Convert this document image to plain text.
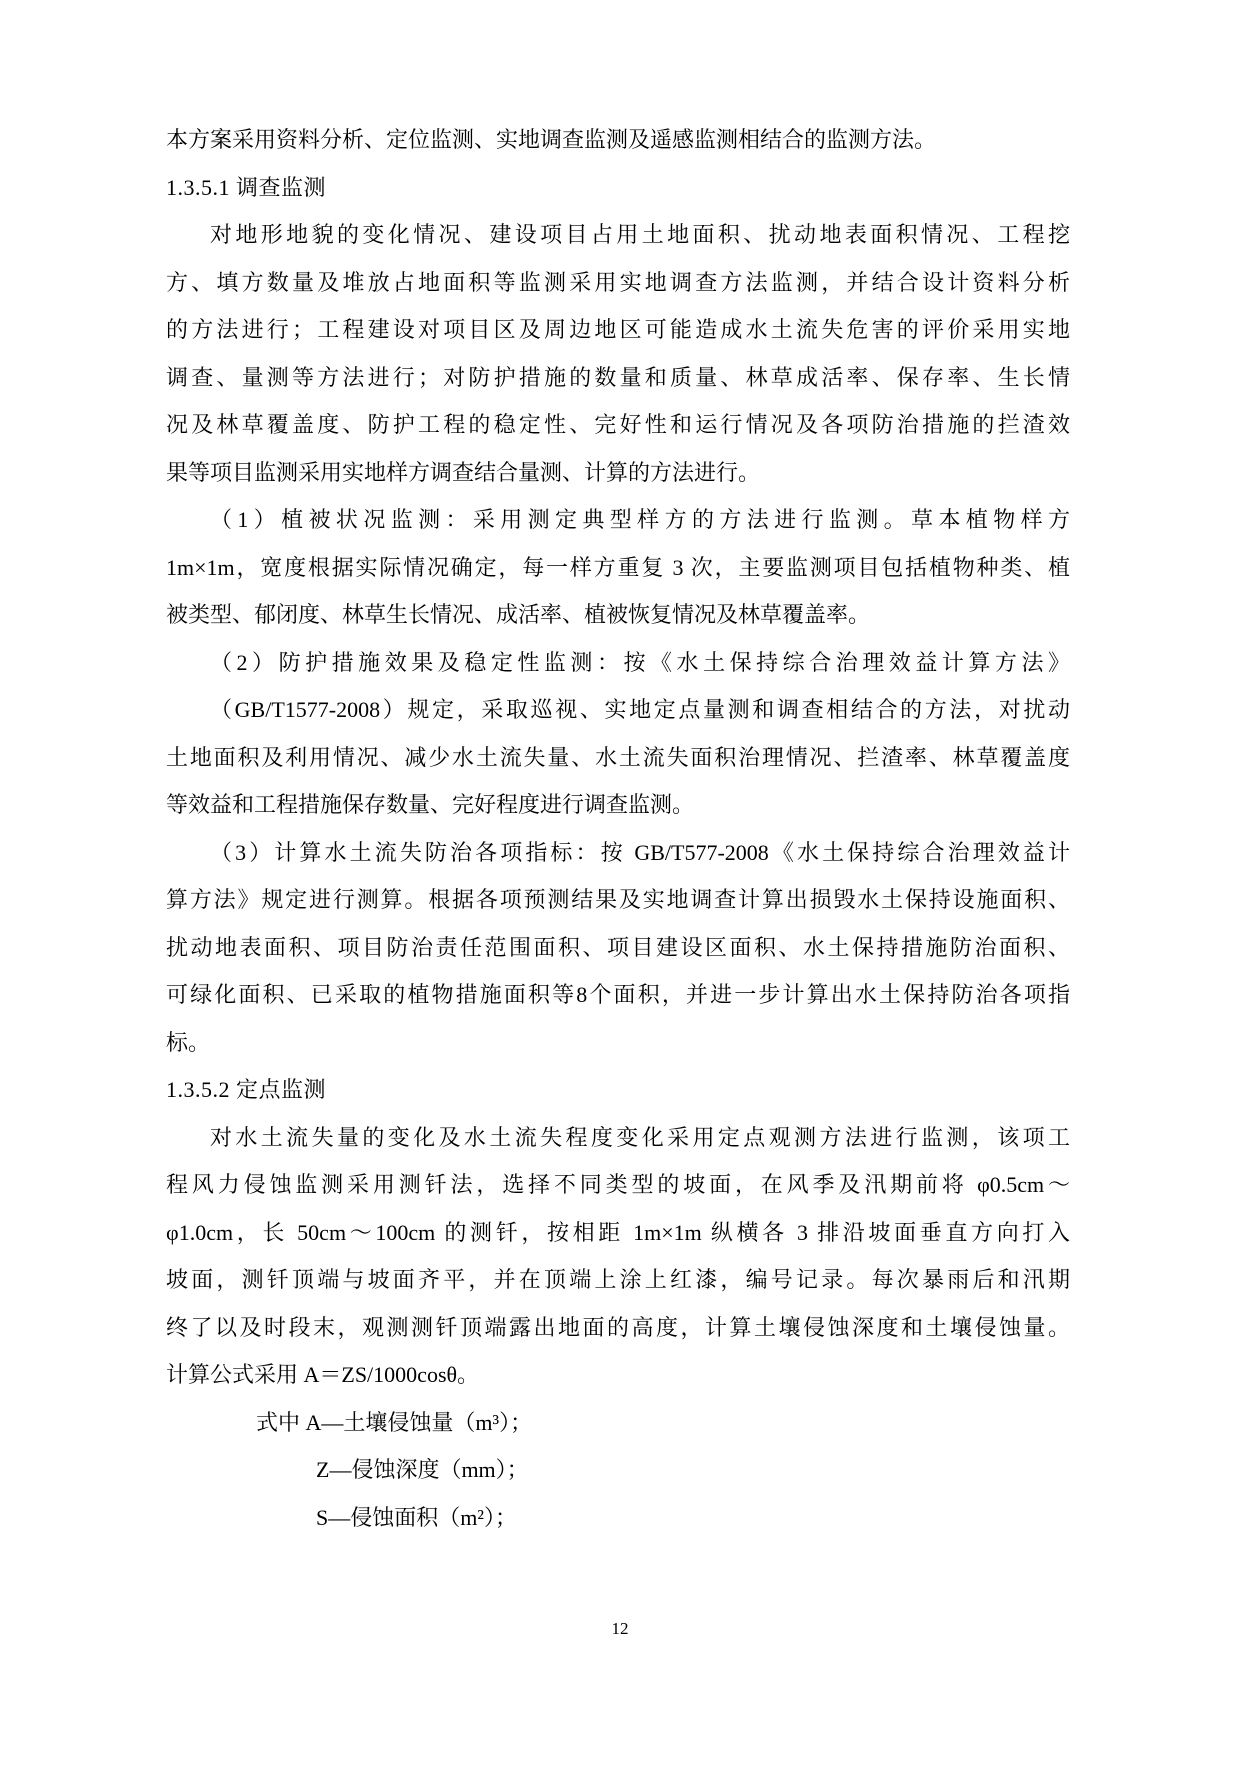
本方案采用资料分析、定位监测、实地调查监测及遥感监测相结合的监测方法。
1.3.5.1 调查监测
对地形地貌的变化情况、建设项目占用土地面积、扰动地表面积情况、工程挖
方、填方数量及堆放占地面积等监测采用实地调查方法监测，并结合设计资料分析
的方法进行；工程建设对项目区及周边地区可能造成水土流失危害的评价采用实地
调查、量测等方法进行；对防护措施的数量和质量、林草成活率、保存率、生长情
况及林草覆盖度、防护工程的稳定性、完好性和运行情况及各项防治措施的拦渣效
果等项目监测采用实地样方调查结合量测、计算的方法进行。
（1）植被状况监测：采用测定典型样方的方法进行监测。草本植物样方
1m×1m，宽度根据实际情况确定，每一样方重复 3 次，主要监测项目包括植物种类、植
被类型、郁闭度、林草生长情况、成活率、植被恢复情况及林草覆盖率。
（2）防护措施效果及稳定性监测：按《水土保持综合治理效益计算方法》
（GB/T1577-2008）规定，采取巡视、实地定点量测和调查相结合的方法，对扰动
土地面积及利用情况、减少水土流失量、水土流失面积治理情况、拦渣率、林草覆盖度
等效益和工程措施保存数量、完好程度进行调查监测。
（3）计算水土流失防治各项指标：按 GB/T577-2008《水土保持综合治理效益计
算方法》规定进行测算。根据各项预测结果及实地调查计算出损毁水土保持设施面积、
扰动地表面积、项目防治责任范围面积、项目建设区面积、水土保持措施防治面积、
可绿化面积、已采取的植物措施面积等8个面积，并进一步计算出水土保持防治各项指
标。
1.3.5.2 定点监测
对水土流失量的变化及水土流失程度变化采用定点观测方法进行监测，该项工
程风力侵蚀监测采用测钎法，选择不同类型的坡面，在风季及汛期前将 φ0.5cm～
φ1.0cm，长 50cm～100cm 的测钎，按相距 1m×1m 纵横各 3 排沿坡面垂直方向打入
坡面，测钎顶端与坡面齐平，并在顶端上涂上红漆，编号记录。每次暴雨后和汛期
终了以及时段末，观测测钎顶端露出地面的高度，计算土壤侵蚀深度和土壤侵蚀量。
计算公式采用 A＝ZS/1000cosθ。
式中 A—土壤侵蚀量（m³）；
Z—侵蚀深度（mm）；
S—侵蚀面积（m²）；
12
